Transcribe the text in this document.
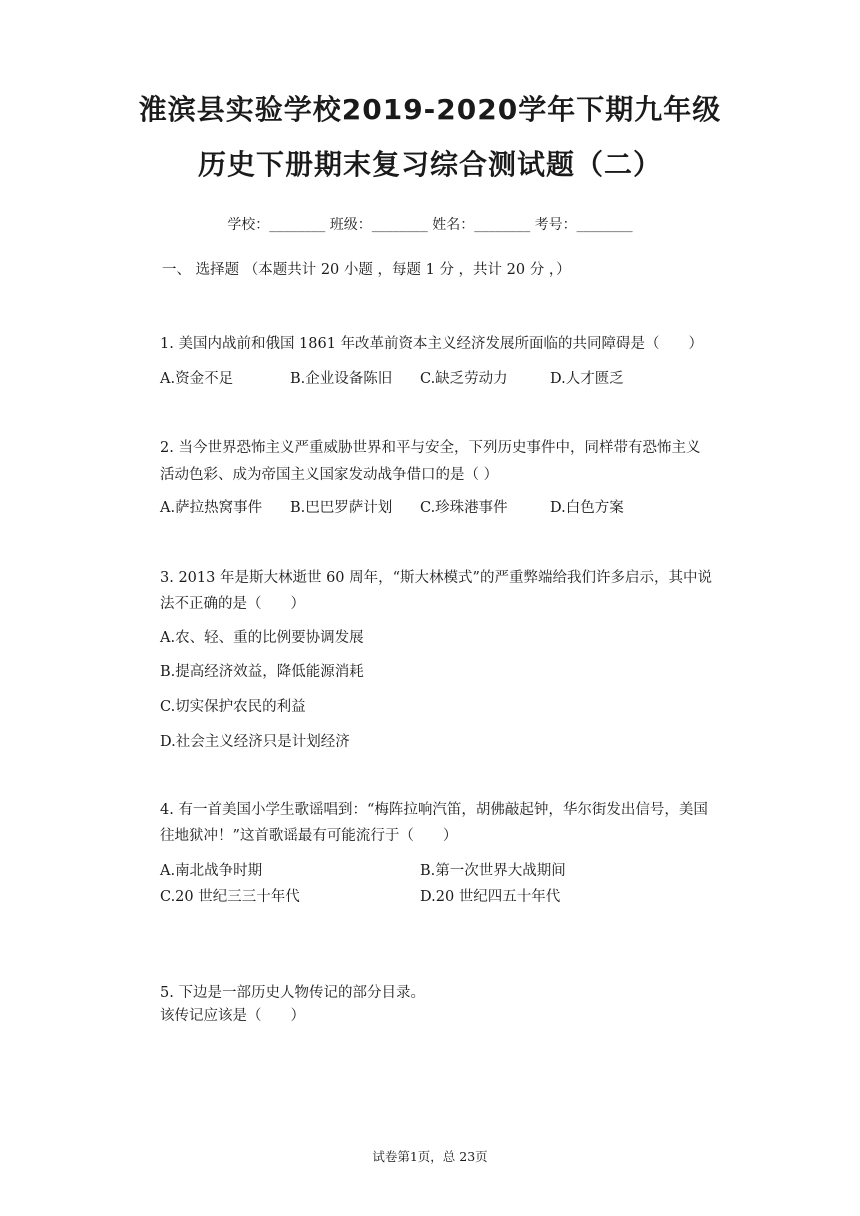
淮滨县实验学校2019-2020学年下期九年级
历史下册期末复习综合测试题（二）
学校：________ 班级：________ 姓名：________ 考号：________
一、 选择题 （本题共计 20 小题 ，每题 1 分 ，共计 20 分 ，）
1. 美国内战前和俄国 1861 年改革前资本主义经济发展所面临的共同障碍是（　　）
A.资金不足	B.企业设备陈旧 C.缺乏劳动力	D.人才匮乏
2. 当今世界恐怖主义严重威胁世界和平与安全，下列历史事件中，同样带有恐怖主义
活动色彩、成为帝国主义国家发动战争借口的是（ ）
A.萨拉热窝事件 B.巴巴罗萨计划 C.珍珠港事件	D.白色方案
3. 2013 年是斯大林逝世 60 周年，“斯大林模式”的严重弊端给我们许多启示，其中说
法不正确的是（　　）
A.农、轻、重的比例要协调发展
B.提高经济效益，降低能源消耗
C.切实保护农民的利益
D.社会主义经济只是计划经济
4. 有一首美国小学生歌谣唱到：“梅阵拉响汽笛，胡佛敲起钟，华尔街发出信号，美国
往地狱冲！”这首歌谣最有可能流行于（　　）
A.南北战争时期	B.第一次世界大战期间
C.20 世纪三三十年代	D.20 世纪四五十年代
5. 下边是一部历史人物传记的部分目录。
该传记应该是（　　）
试卷第1页，总 23页
